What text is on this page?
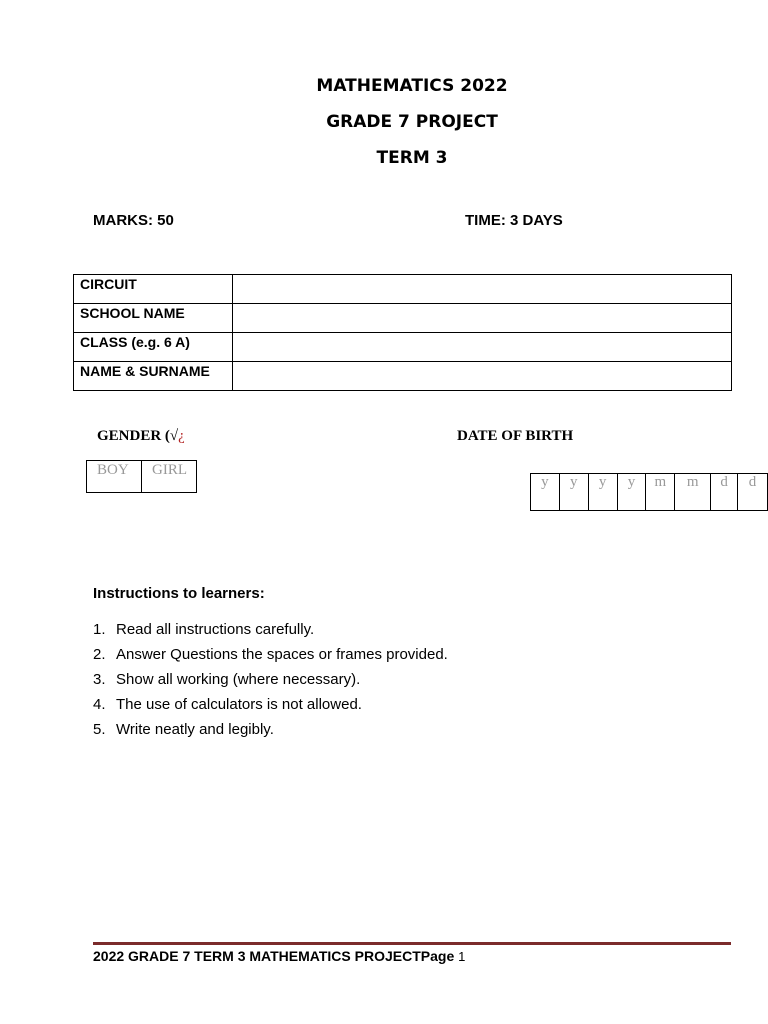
MATHEMATICS 2022
GRADE 7 PROJECT
TERM 3
MARKS: 50	TIME: 3 DAYS
CIRCUIT	
SCHOOL NAME	
CLASS (e.g. 6 A)	
NAME & SURNAME	
GENDER (√¿	DATE OF BIRTH
BOY	GIRL
y	y	y	y	m	m	d	d
Instructions to learners:
1. Read all instructions carefully.
2. Answer Questions the spaces or frames provided.
3. Show all working (where necessary).
4. The use of calculators is not allowed.
5. Write neatly and legibly.
2022 GRADE 7 TERM 3 MATHEMATICS PROJECTPage 1
